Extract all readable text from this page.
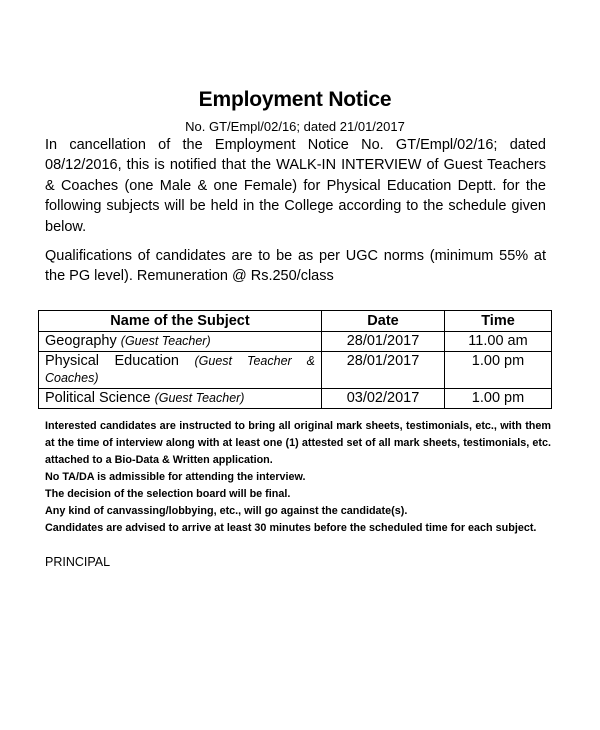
Employment Notice
No. GT/Empl/02/16; dated 21/01/2017

In cancellation of the Employment Notice No. GT/Empl/02/16; dated 08/12/2016, this is notified that the WALK-IN INTERVIEW of Guest Teachers & Coaches (one Male & one Female) for Physical Education Deptt. for the following subjects will be held in the College according to the schedule given below.

Qualifications of candidates are to be as per UGC norms (minimum 55% at the PG level). Remuneration @ Rs.250/class

Name of the Subject	Date	Time
Geography (Guest Teacher)	28/01/2017	11.00 am

Physical Education (Guest Teacher &
Coaches)	28/01/2017	1.00 pm
Political Science (Guest Teacher)	03/02/2017	1.00 pm

Interested candidates are instructed to bring all original mark sheets, testimonials, etc., with them at the time of interview along with at least one (1) attested set of all mark sheets, testimonials, etc. attached to a Bio-Data & Written application.

No TA/DA is admissible for attending the interview.

The decision of the selection board will be final.

Any kind of canvassing/lobbying, etc., will go against the candidate(s).

Candidates are advised to arrive at least 30 minutes before the scheduled time for each subject.

PRINCIPAL
